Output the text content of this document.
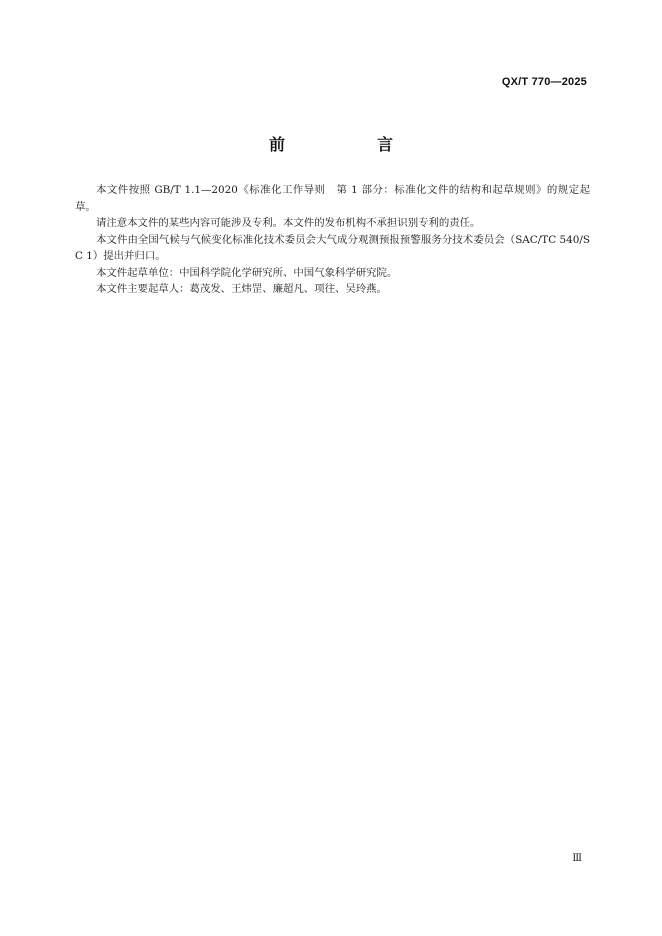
QX/T 770—2025
前　言

本文件按照 GB/T 1.1—2020《标准化工作导则　第 1 部分：标准化文件的结构和起草规则》的规定起草。

请注意本文件的某些内容可能涉及专利。本文件的发布机构不承担识别专利的责任。

本文件由全国气候与气候变化标准化技术委员会大气成分观测预报预警服务分技术委员会（SAC/TC 540/SC 1）提出并归口。

本文件起草单位：中国科学院化学研究所、中国气象科学研究院。

本文件主要起草人：葛茂发、王炜罡、廉超凡、项往、吴玲燕。

Ⅲ
